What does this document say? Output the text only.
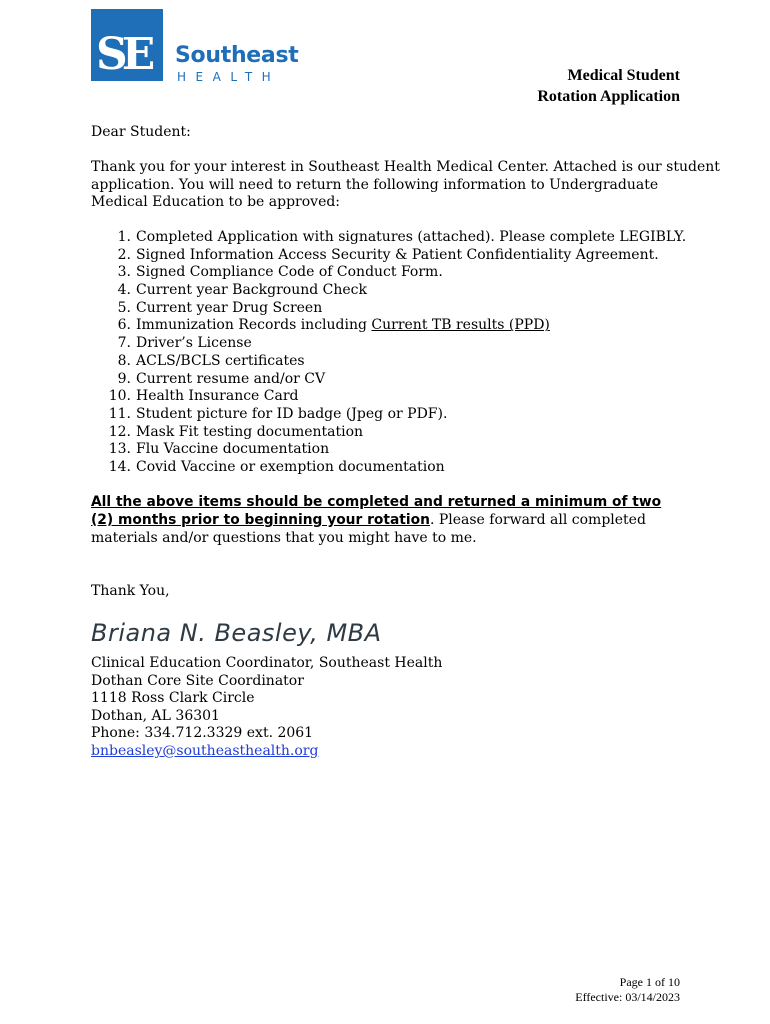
SE Southeast
HEALTH	Medical Student
Rotation Application
Dear Student:
Thank you for your interest in Southeast Health Medical Center. Attached is our student
application. You will need to return the following information to Undergraduate
Medical Education to be approved:
1. Completed Application with signatures (attached). Please complete LEGIBLY.
2. Signed Information Access Security & Patient Confidentiality Agreement.
3. Signed Compliance Code of Conduct Form.
4. Current year Background Check
5. Current year Drug Screen
6. Immunization Records including Current TB results (PPD)
7. Driver’s License
8. ACLS/BCLS certificates
9. Current resume and/or CV
10. Health Insurance Card
11. Student picture for ID badge (Jpeg or PDF).
12. Mask Fit testing documentation
13. Flu Vaccine documentation
14. Covid Vaccine or exemption documentation
All the above items should be completed and returned a minimum of two
(2) months prior to beginning your rotation. Please forward all completed
materials and/or questions that you might have to me.
Thank You,
Briana N. Beasley, MBA
Clinical Education Coordinator, Southeast Health
Dothan Core Site Coordinator
1118 Ross Clark Circle
Dothan, AL 36301
Phone: 334.712.3329 ext. 2061
bnbeasley@southeasthealth.org
Page 1 of 10
Effective: 03/14/2023
